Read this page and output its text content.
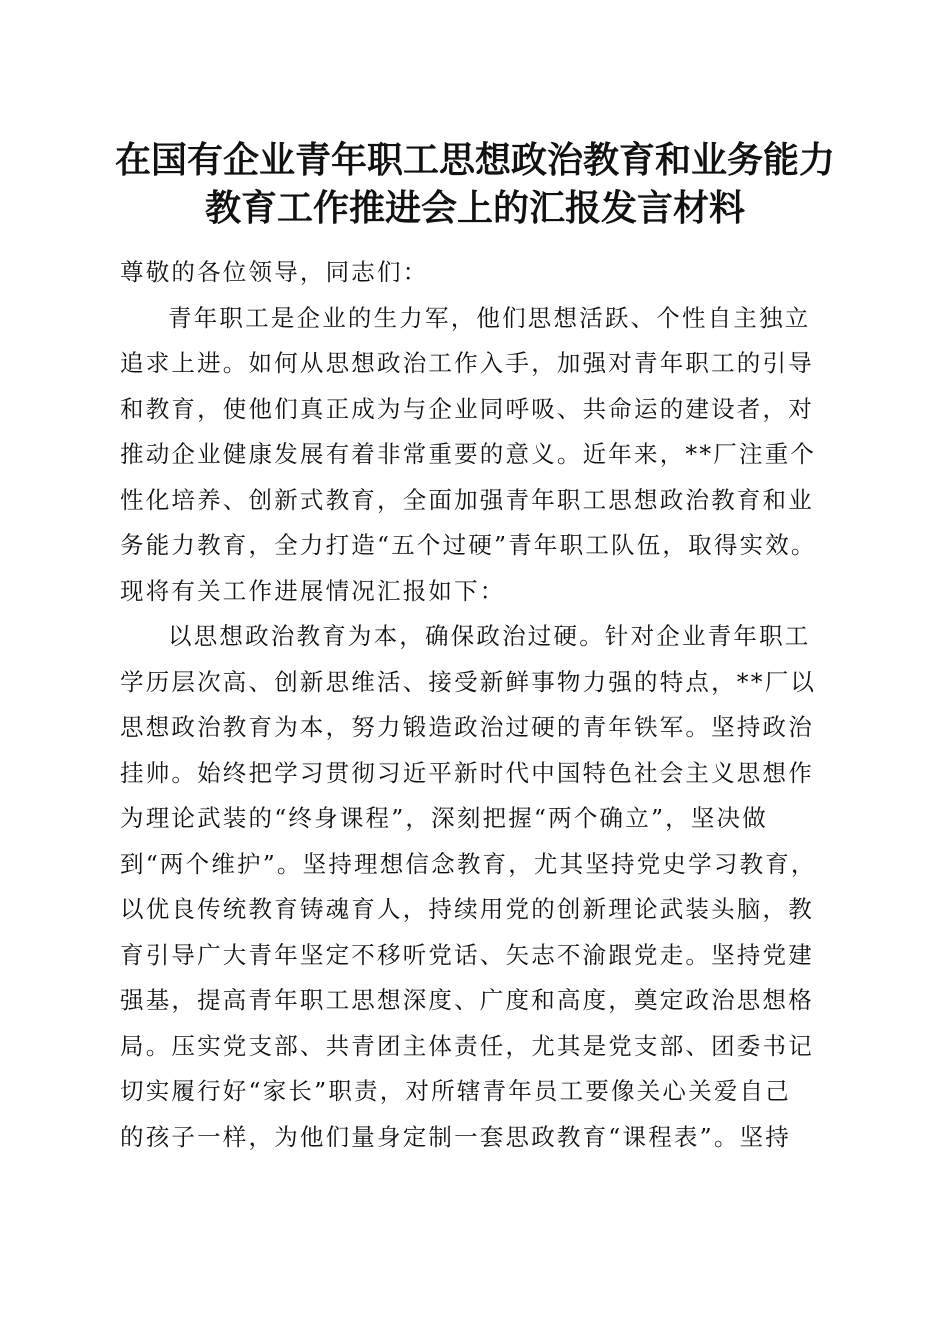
在国有企业青年职工思想政治教育和业务能力
教育工作推进会上的汇报发言材料
尊敬的各位领导，同志们：
青年职工是企业的生力军，他们思想活跃、个性自主独立
追求上进。如何从思想政治工作入手，加强对青年职工的引导
和教育，使他们真正成为与企业同呼吸、共命运的建设者，对
推动企业健康发展有着非常重要的意义。近年来，**厂注重个
性化培养、创新式教育，全面加强青年职工思想政治教育和业
务能力教育，全力打造“五个过硬”青年职工队伍，取得实效。
现将有关工作进展情况汇报如下：
以思想政治教育为本，确保政治过硬。针对企业青年职工
学历层次高、创新思维活、接受新鲜事物力强的特点，**厂以
思想政治教育为本，努力锻造政治过硬的青年铁军。坚持政治
挂帅。始终把学习贯彻习近平新时代中国特色社会主义思想作
为理论武装的“终身课程”，深刻把握“两个确立”，坚决做
到“两个维护”。坚持理想信念教育，尤其坚持党史学习教育，
以优良传统教育铸魂育人，持续用党的创新理论武装头脑，教
育引导广大青年坚定不移听党话、矢志不渝跟党走。坚持党建
强基，提高青年职工思想深度、广度和高度，奠定政治思想格
局。压实党支部、共青团主体责任，尤其是党支部、团委书记
切实履行好“家长”职责，对所辖青年员工要像关心关爱自己
的孩子一样，为他们量身定制一套思政教育“课程表”。坚持
